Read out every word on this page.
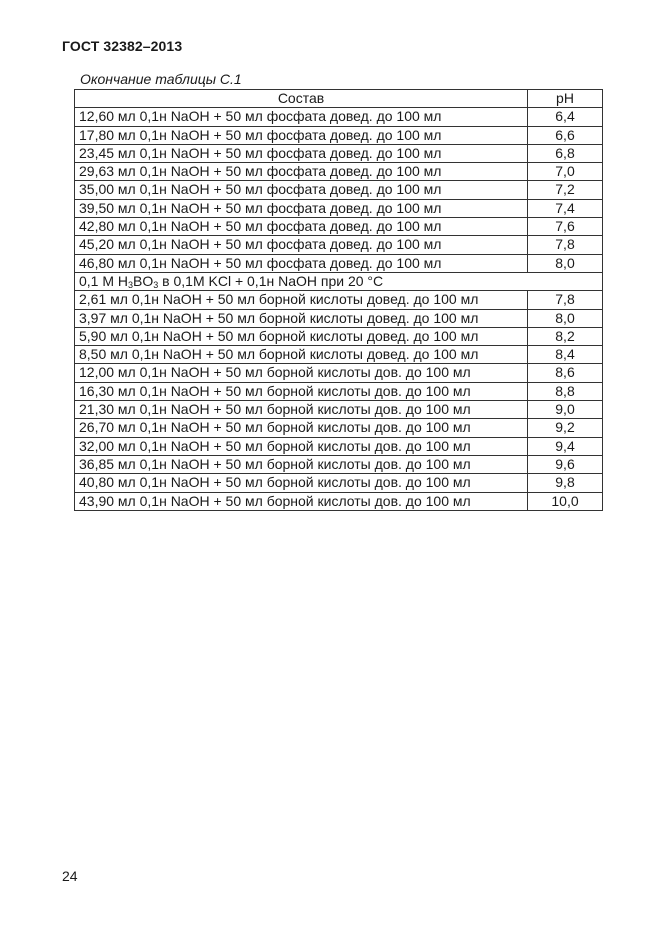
ГОСТ 32382–2013
Окончание таблицы С.1
Состав	pH
12,60 мл 0,1н NaOH + 50 мл фосфата довед. до 100 мл	6,4
17,80 мл 0,1н NaOH + 50 мл фосфата довед. до 100 мл	6,6
23,45 мл 0,1н NaOH + 50 мл фосфата довед. до 100 мл	6,8
29,63 мл 0,1н NaOH + 50 мл фосфата довед. до 100 мл	7,0
35,00 мл 0,1н NaOH + 50 мл фосфата довед. до 100 мл	7,2
39,50 мл 0,1н NaOH + 50 мл фосфата довед. до 100 мл	7,4
42,80 мл 0,1н NaOH + 50 мл фосфата довед. до 100 мл	7,6
45,20 мл 0,1н NaOH + 50 мл фосфата довед. до 100 мл	7,8
46,80 мл 0,1н NaOH + 50 мл фосфата довед. до 100 мл	8,0
0,1 М $H_3BO_3$ в 0,1М KCl + 0,1н NaOH при 20 °С	
2,61 мл 0,1н NaOH + 50 мл борной кислоты довед. до 100 мл	7,8
3,97 мл 0,1н NaOH + 50 мл борной кислоты довед. до 100 мл	8,0
5,90 мл 0,1н NaOH + 50 мл борной кислоты довед. до 100 мл	8,2
8,50 мл 0,1н NaOH + 50 мл борной кислоты довед. до 100 мл	8,4
12,00 мл 0,1н NaOH + 50 мл борной кислоты дов. до 100 мл	8,6
16,30 мл 0,1н NaOH + 50 мл борной кислоты дов. до 100 мл	8,8
21,30 мл 0,1н NaOH + 50 мл борной кислоты дов. до 100 мл	9,0
26,70 мл 0,1н NaOH + 50 мл борной кислоты дов. до 100 мл	9,2
32,00 мл 0,1н NaOH + 50 мл борной кислоты дов. до 100 мл	9,4
36,85 мл 0,1н NaOH + 50 мл борной кислоты дов. до 100 мл	9,6
40,80 мл 0,1н NaOH + 50 мл борной кислоты дов. до 100 мл	9,8
43,90 мл 0,1н NaOH + 50 мл борной кислоты дов. до 100 мл	10,0
24
